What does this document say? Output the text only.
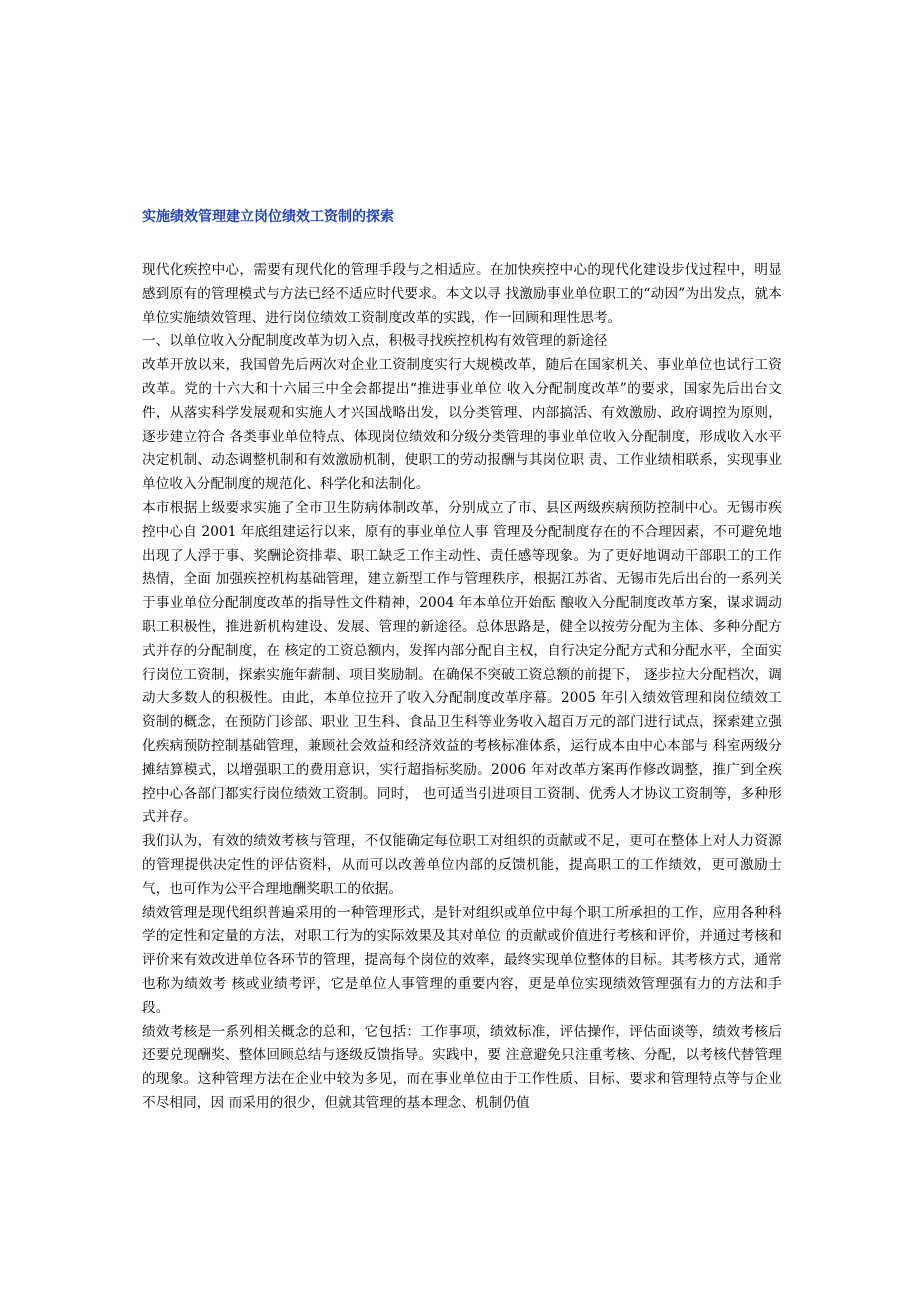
实施绩效管理建立岗位绩效工资制的探索

现代化疾控中心，需要有现代化的管理手段与之相适应。在加快疾控中心的现代化建设步伐过程中，明显感到原有的管理模式与方法已经不适应时代要求。本文以寻 找激励事业单位职工的“动因”为出发点，就本单位实施绩效管理、进行岗位绩效工资制度改革的实践，作一回顾和理性思考。

一、以单位收入分配制度改革为切入点，积极寻找疾控机构有效管理的新途径

改革开放以来，我国曾先后两次对企业工资制度实行大规模改革，随后在国家机关、事业单位也试行工资改革。党的十六大和十六届三中全会都提出“推进事业单位 收入分配制度改革”的要求，国家先后出台文件，从落实科学发展观和实施人才兴国战略出发，以分类管理、内部搞活、有效激励、政府调控为原则，逐步建立符合 各类事业单位特点、体现岗位绩效和分级分类管理的事业单位收入分配制度，形成收入水平决定机制、动态调整机制和有效激励机制，使职工的劳动报酬与其岗位职 责、工作业绩相联系，实现事业单位收入分配制度的规范化、科学化和法制化。

本市根据上级要求实施了全市卫生防病体制改革，分别成立了市、县区两级疾病预防控制中心。无锡市疾控中心自 2001 年底组建运行以来，原有的事业单位人事 管理及分配制度存在的不合理因素，不可避免地出现了人浮于事、奖酬论资排辈、职工缺乏工作主动性、责任感等现象。为了更好地调动干部职工的工作热情，全面 加强疾控机构基础管理，建立新型工作与管理秩序，根据江苏省、无锡市先后出台的一系列关于事业单位分配制度改革的指导性文件精神，2004 年本单位开始酝 酿收入分配制度改革方案，谋求调动职工积极性，推进新机构建设、发展、管理的新途径。总体思路是，健全以按劳分配为主体、多种分配方式并存的分配制度，在 核定的工资总额内，发挥内部分配自主权，自行决定分配方式和分配水平，全面实行岗位工资制，探索实施年薪制、项目奖励制。在确保不突破工资总额的前提下， 逐步拉大分配档次，调动大多数人的积极性。由此，本单位拉开了收入分配制度改革序幕。2005 年引入绩效管理和岗位绩效工资制的概念，在预防门诊部、职业 卫生科、食品卫生科等业务收入超百万元的部门进行试点，探索建立强化疾病预防控制基础管理，兼顾社会效益和经济效益的考核标准体系，运行成本由中心本部与 科室两级分摊结算模式，以增强职工的费用意识，实行超指标奖励。2006 年对改革方案再作修改调整，推广到全疾控中心各部门都实行岗位绩效工资制。同时， 也可适当引进项目工资制、优秀人才协议工资制等，多种形式并存。

我们认为，有效的绩效考核与管理，不仅能确定每位职工对组织的贡献或不足，更可在整体上对人力资源的管理提供决定性的评估资料，从而可以改善单位内部的反馈机能，提高职工的工作绩效，更可激励士气，也可作为公平合理地酬奖职工的依据。

绩效管理是现代组织普遍采用的一种管理形式，是针对组织或单位中每个职工所承担的工作，应用各种科学的定性和定量的方法，对职工行为的实际效果及其对单位 的贡献或价值进行考核和评价，并通过考核和评价来有效改进单位各环节的管理，提高每个岗位的效率，最终实现单位整体的目标。其考核方式，通常也称为绩效考 核或业绩考评，它是单位人事管理的重要内容，更是单位实现绩效管理强有力的方法和手段。

绩效考核是一系列相关概念的总和，它包括：工作事项，绩效标准，评估操作，评估面谈等，绩效考核后还要兑现酬奖、整体回顾总结与逐级反馈指导。实践中，要 注意避免只注重考核、分配，以考核代替管理的现象。这种管理方法在企业中较为多见，而在事业单位由于工作性质、目标、要求和管理特点等与企业不尽相同，因 而采用的很少，但就其管理的基本理念、机制仍值
